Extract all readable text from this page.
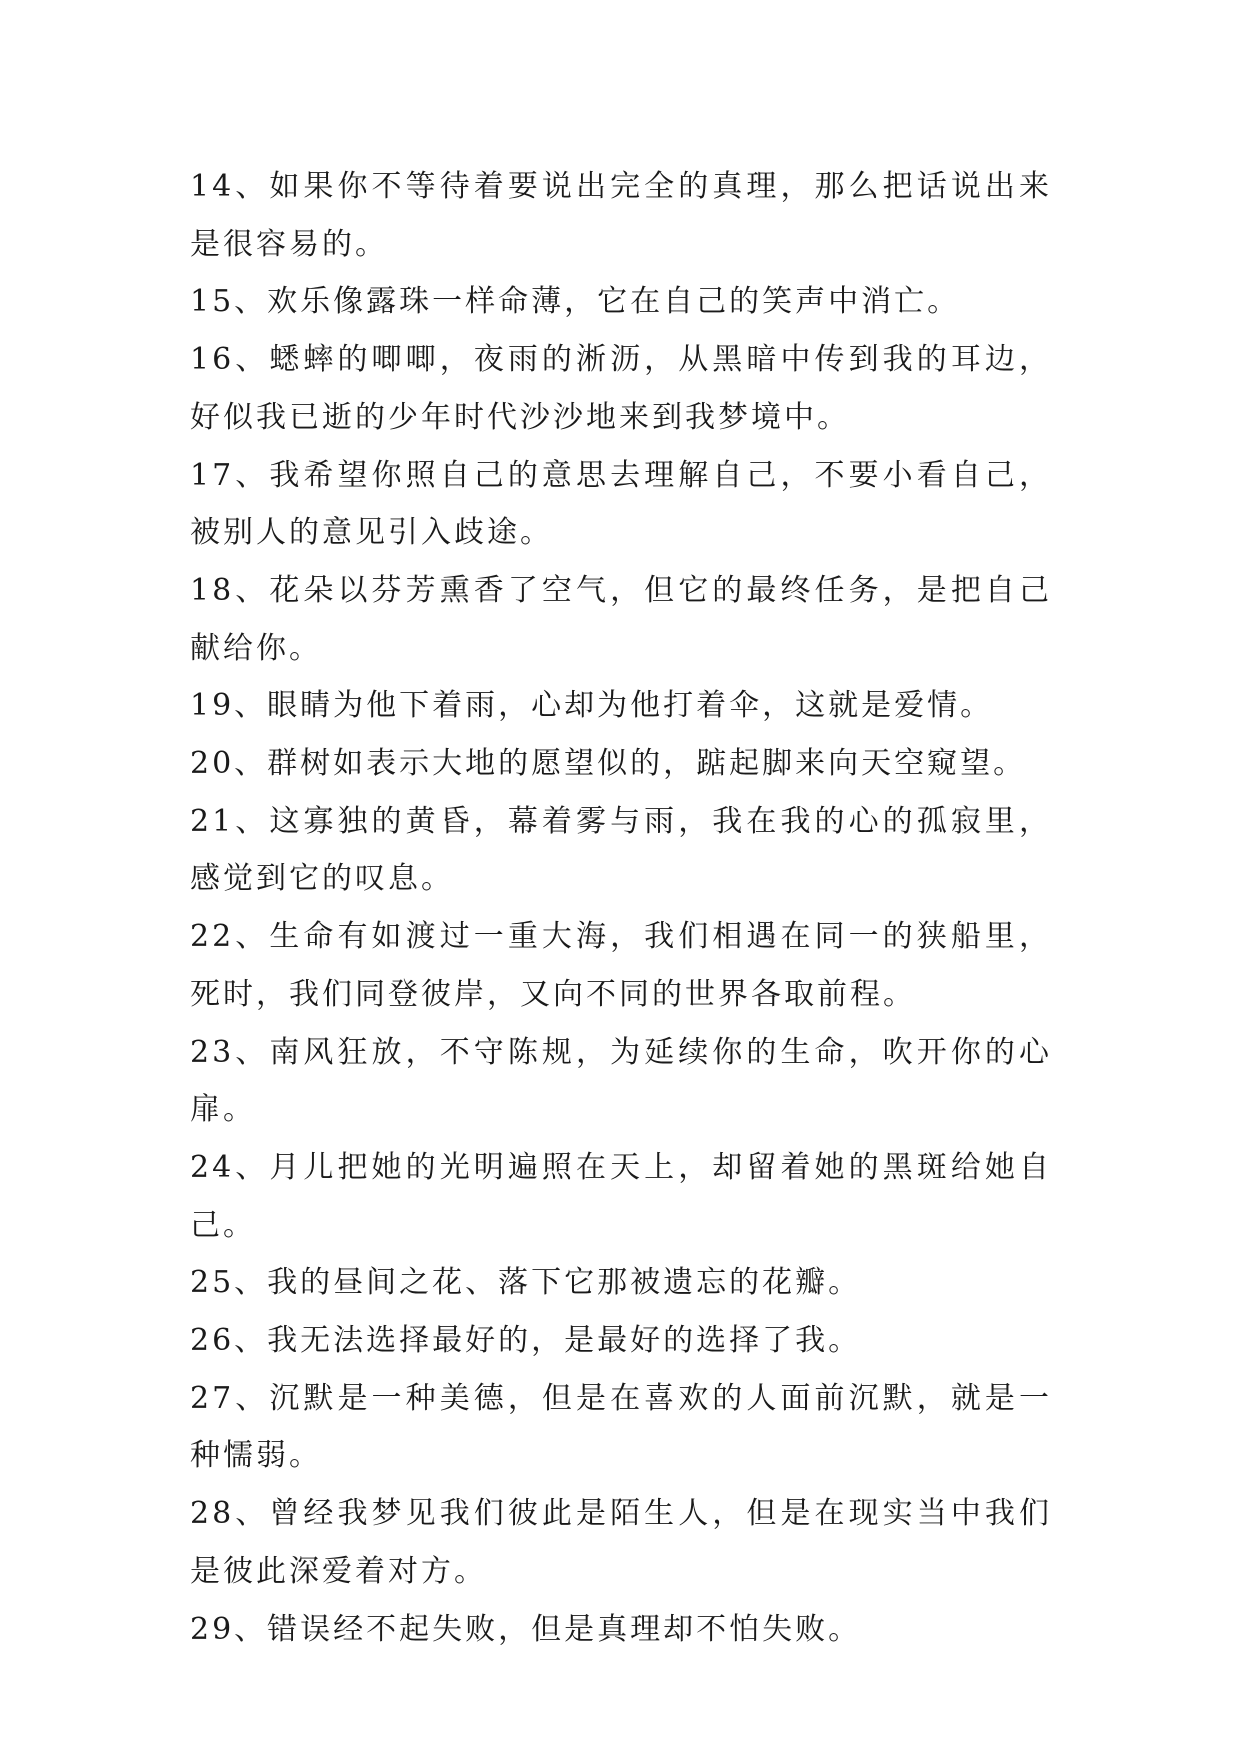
14、如果你不等待着要说出完全的真理，那么把话说出来是很容易的。

15、欢乐像露珠一样命薄，它在自己的笑声中消亡。

16、蟋蟀的唧唧，夜雨的淅沥，从黑暗中传到我的耳边，好似我已逝的少年时代沙沙地来到我梦境中。

17、我希望你照自己的意思去理解自己，不要小看自己，被别人的意见引入歧途。

18、花朵以芬芳熏香了空气，但它的最终任务，是把自己献给你。

19、眼睛为他下着雨，心却为他打着伞，这就是爱情。

20、群树如表示大地的愿望似的，踮起脚来向天空窥望。

21、这寡独的黄昏，幕着雾与雨，我在我的心的孤寂里，感觉到它的叹息。

22、生命有如渡过一重大海，我们相遇在同一的狭船里，死时，我们同登彼岸，又向不同的世界各取前程。

23、南风狂放，不守陈规，为延续你的生命，吹开你的心扉。

24、月儿把她的光明遍照在天上，却留着她的黑斑给她自己。

25、我的昼间之花、落下它那被遗忘的花瓣。

26、我无法选择最好的，是最好的选择了我。

27、沉默是一种美德，但是在喜欢的人面前沉默，就是一种懦弱。

28、曾经我梦见我们彼此是陌生人，但是在现实当中我们是彼此深爱着对方。

29、错误经不起失败，但是真理却不怕失败。
